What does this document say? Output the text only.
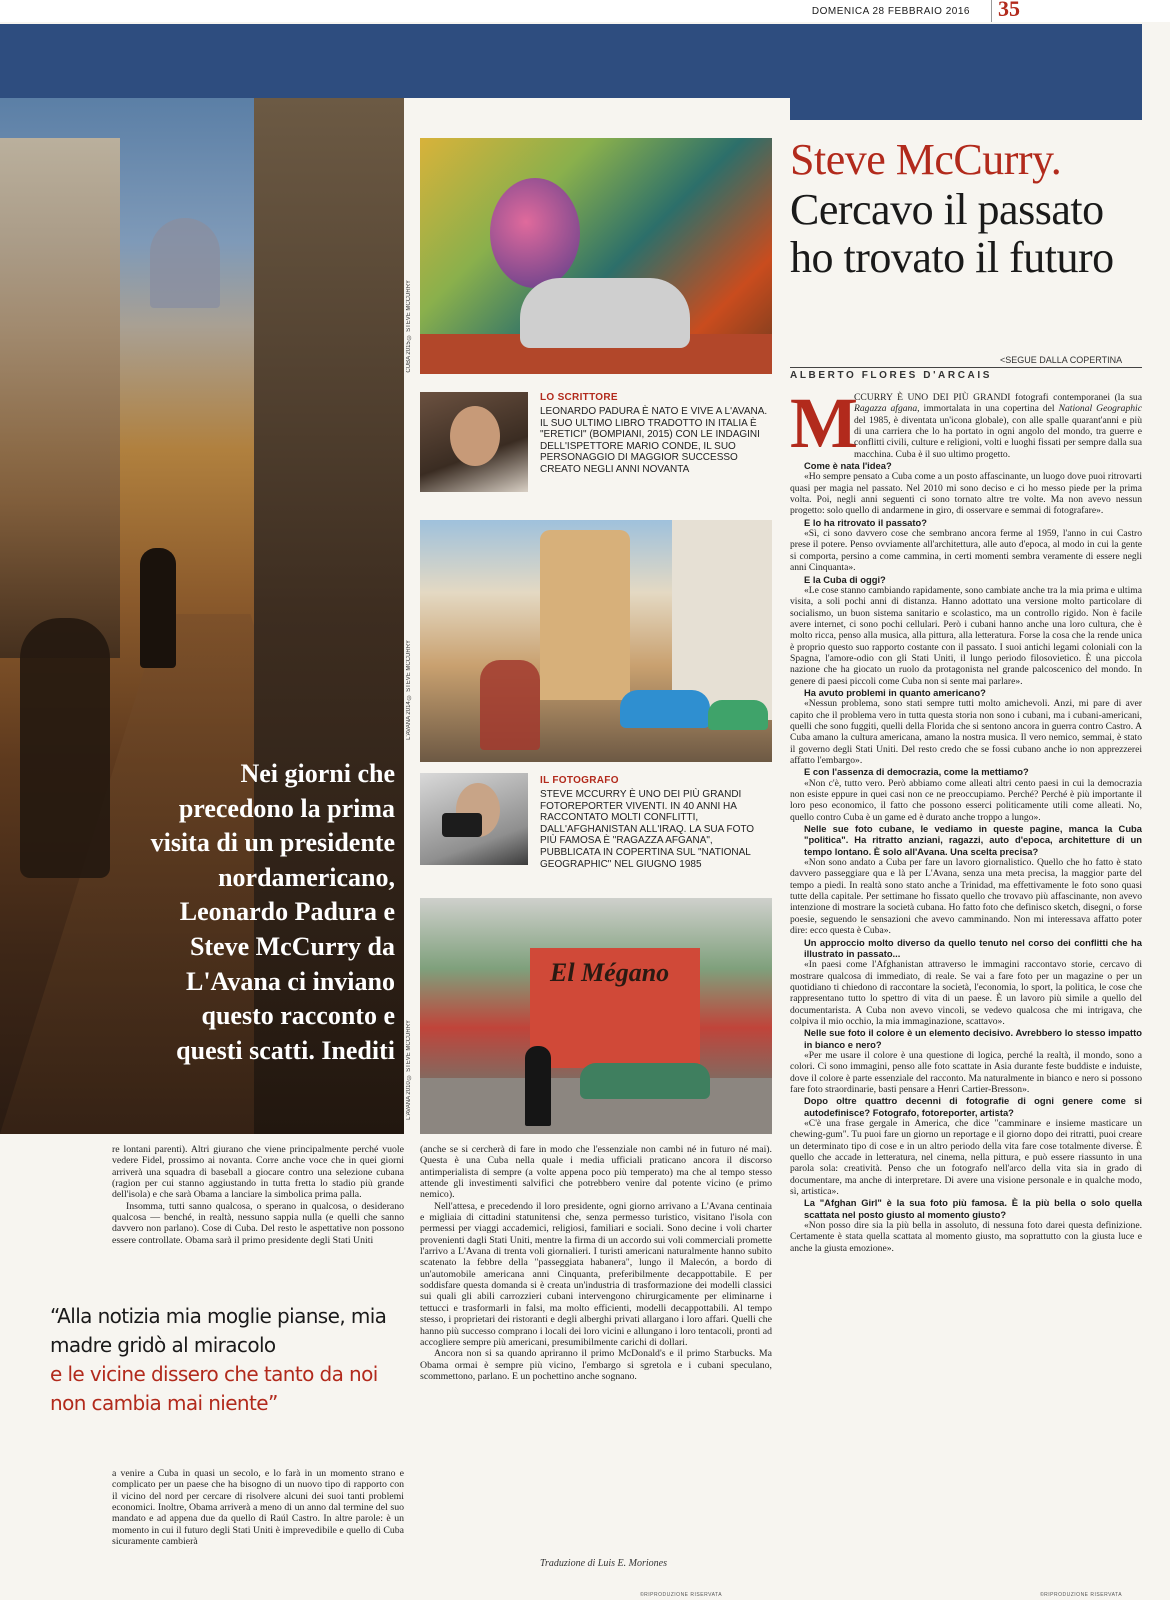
DOMENICA 28 FEBBRAIO 2016	35
Nei giorni che precedono la prima visita di un presidente nordamericano, Leonardo Padura e Steve McCurry da L'Avana ci inviano questo racconto e questi scatti. Inediti
CUBA 2015 © STEVE MCCURRY
LO SCRITTORE
LEONARDO PADURA È NATO E VIVE A L'AVANA. IL SUO ULTIMO LIBRO TRADOTTO IN ITALIA È "ERETICI" (BOMPIANI, 2015) CON LE INDAGINI DELL'ISPETTORE MARIO CONDE, IL SUO PERSONAGGIO DI MAGGIOR SUCCESSO CREATO NEGLI ANNI NOVANTA
L'AVANA 2014 © STEVE MCCURRY
IL FOTOGRAFO
STEVE MCCURRY È UNO DEI PIÙ GRANDI FOTOREPORTER VIVENTI. IN 40 ANNI HA RACCONTATO MOLTI CONFLITTI, DALL'AFGHANISTAN ALL'IRAQ. LA SUA FOTO PIÙ FAMOSA È "RAGAZZA AFGANA", PUBBLICATA IN COPERTINA SUL "NATIONAL GEOGRAPHIC" NEL GIUGNO 1985
El Mégano
L'AVANA 2010 © STEVE MCCURRY
Steve McCurry.
Cercavo il passato
ho trovato il futuro
<SEGUE DALLA COPERTINA
ALBERTO FLORES D'ARCAIS
M

CCURRY È UNO DEI PIÙ GRANDI fotografi contemporanei (la sua Ragazza afgana, immortalata in una copertina del National Geographic del 1985, è diventata un'icona globale), con alle spalle quarant'anni e più di una carriera che lo ha portato in ogni angolo del mondo, tra guerre e conflitti civili, culture e religioni, volti e luoghi fissati per sempre dalla sua macchina. Cuba è il suo ultimo progetto.

Come è nata l'idea?

«Ho sempre pensato a Cuba come a un posto affascinante, un luogo dove puoi ritrovarti quasi per magia nel passato. Nel 2010 mi sono deciso e ci ho messo piede per la prima volta. Poi, negli anni seguenti ci sono tornato altre tre volte. Ma non avevo nessun progetto: solo quello di andarmene in giro, di osservare e semmai di fotografare».

E lo ha ritrovato il passato?

«Sì, ci sono davvero cose che sembrano ancora ferme al 1959, l'anno in cui Castro prese il potere. Penso ovviamente all'architettura, alle auto d'epoca, al modo in cui la gente si comporta, persino a come cammina, in certi momenti sembra veramente di essere negli anni Cinquanta».

E la Cuba di oggi?

«Le cose stanno cambiando rapidamente, sono cambiate anche tra la mia prima e ultima visita, a soli pochi anni di distanza. Hanno adottato una versione molto particolare di socialismo, un buon sistema sanitario e scolastico, ma un controllo rigido. Non è facile avere internet, ci sono pochi cellulari. Però i cubani hanno anche una loro cultura, che è molto ricca, penso alla musica, alla pittura, alla letteratura. Forse la cosa che la rende unica è proprio questo suo rapporto costante con il passato. I suoi antichi legami coloniali con la Spagna, l'amore-odio con gli Stati Uniti, il lungo periodo filosovietico. È una piccola nazione che ha giocato un ruolo da protagonista nel grande palcoscenico del mondo. In genere di paesi piccoli come Cuba non si sente mai parlare».

Ha avuto problemi in quanto americano?

«Nessun problema, sono stati sempre tutti molto amichevoli. Anzi, mi pare di aver capito che il problema vero in tutta questa storia non sono i cubani, ma i cubani-americani, quelli che sono fuggiti, quelli della Florida che si sentono ancora in guerra contro Castro. A Cuba amano la cultura americana, amano la nostra musica. Il vero nemico, semmai, è stato il governo degli Stati Uniti. Del resto credo che se fossi cubano anche io non apprezzerei affatto l'embargo».

E con l'assenza di democrazia, come la mettiamo?

«Non c'è, tutto vero. Però abbiamo come alleati altri cento paesi in cui la democrazia non esiste eppure in quei casi non ce ne preoccupiamo. Perché? Perché è più importante il loro peso economico, il fatto che possono esserci politicamente utili come alleati. No, quello contro Cuba è un game ed è durato anche troppo a lungo».

Nelle sue foto cubane, le vediamo in queste pagine, manca la Cuba "politica". Ha ritratto anziani, ragazzi, auto d'epoca, architetture di un tempo lontano. È solo all'Avana. Una scelta precisa?

«Non sono andato a Cuba per fare un lavoro giornalistico. Quello che ho fatto è stato davvero passeggiare qua e là per L'Avana, senza una meta precisa, la maggior parte del tempo a piedi. In realtà sono stato anche a Trinidad, ma effettivamente le foto sono quasi tutte della capitale. Per settimane ho fissato quello che trovavo più affascinante, non avevo intenzione di mostrare la società cubana. Ho fatto foto che definisco sketch, disegni, o forse poesie, seguendo le sensazioni che avevo camminando. Non mi interessava affatto poter dire: ecco questa è Cuba».

Un approccio molto diverso da quello tenuto nel corso dei conflitti che ha illustrato in passato...

«In paesi come l'Afghanistan attraverso le immagini raccontavo storie, cercavo di mostrare qualcosa di immediato, di reale. Se vai a fare foto per un magazine o per un quotidiano ti chiedono di raccontare la società, l'economia, lo sport, la politica, le cose che rappresentano tutto lo spettro di vita di un paese. È un lavoro più simile a quello del documentarista. A Cuba non avevo vincoli, se vedevo qualcosa che mi intrigava, che colpiva il mio occhio, la mia immaginazione, scattavo».

Nelle sue foto il colore è un elemento decisivo. Avrebbero lo stesso impatto in bianco e nero?

«Per me usare il colore è una questione di logica, perché la realtà, il mondo, sono a colori. Ci sono immagini, penso alle foto scattate in Asia durante feste buddiste e induiste, dove il colore è parte essenziale del racconto. Ma naturalmente in bianco e nero si possono fare foto straordinarie, basti pensare a Henri Cartier-Bresson».

Dopo oltre quattro decenni di fotografie di ogni genere come si autodefinisce? Fotografo, fotoreporter, artista?

«C'è una frase gergale in America, che dice "camminare e insieme masticare un chewing-gum". Tu puoi fare un giorno un reportage e il giorno dopo dei ritratti, puoi creare un determinato tipo di cose e in un altro periodo della vita fare cose totalmente diverse. È quello che accade in letteratura, nel cinema, nella pittura, e può essere riassunto in una parola sola: creatività. Penso che un fotografo nell'arco della vita sia in grado di documentare, ma anche di interpretare. Di avere una visione personale e in qualche modo, sì, artistica».

La "Afghan Girl" è la sua foto più famosa. È la più bella o solo quella scattata nel posto giusto al momento giusto?

«Non posso dire sia la più bella in assoluto, di nessuna foto darei questa definizione. Certamente è stata quella scattata al momento giusto, ma soprattutto con la giusta luce e anche la giusta emozione».

©RIPRODUZIONE RISERVATA

re lontani parenti). Altri giurano che viene principalmente perché vuole vedere Fidel, prossimo ai novanta. Corre anche voce che in quei giorni arriverà una squadra di baseball a giocare contro una selezione cubana (ragion per cui stanno aggiustando in tutta fretta lo stadio più grande dell'isola) e che sarà Obama a lanciare la simbolica prima palla.

Insomma, tutti sanno qualcosa, o sperano in qualcosa, o desiderano qualcosa — benché, in realtà, nessuno sappia nulla (e quelli che sanno davvero non parlano). Cose di Cuba. Del resto le aspettative non possono essere controllate. Obama sarà il primo presidente degli Stati Uniti

“Alla notizia mia moglie pianse, mia madre gridò al miracolo
e le vicine dissero che tanto da noi non cambia mai niente”

a venire a Cuba in quasi un secolo, e lo farà in un momento strano e complicato per un paese che ha bisogno di un nuovo tipo di rapporto con il vicino del nord per cercare di risolvere alcuni dei suoi tanti problemi economici. Inoltre, Obama arriverà a meno di un anno dal termine del suo mandato e ad appena due da quello di Raúl Castro. In altre parole: è un momento in cui il futuro degli Stati Uniti è imprevedibile e quello di Cuba sicuramente cambierà

(anche se si cercherà di fare in modo che l'essenziale non cambi né in futuro né mai). Questa è una Cuba nella quale i media ufficiali praticano ancora il discorso antimperialista di sempre (a volte appena poco più temperato) ma che al tempo stesso attende gli investimenti salvifici che potrebbero venire dal potente vicino (e primo nemico).

Nell'attesa, e precedendo il loro presidente, ogni giorno arrivano a L'Avana centinaia e migliaia di cittadini statunitensi che, senza permesso turistico, visitano l'isola con permessi per viaggi accademici, religiosi, familiari e sociali. Sono decine i voli charter provenienti dagli Stati Uniti, mentre la firma di un accordo sui voli commerciali promette l'arrivo a L'Avana di trenta voli giornalieri. I turisti americani naturalmente hanno subito scatenato la febbre della "passeggiata habanera", lungo il Malecón, a bordo di un'automobile americana anni Cinquanta, preferibilmente decappottabile. E per soddisfare questa domanda si è creata un'industria di trasformazione dei modelli classici sui quali gli abili carrozzieri cubani intervengono chirurgicamente per eliminarne i tettucci e trasformarli in falsi, ma molto efficienti, modelli decappottabili. Al tempo stesso, i proprietari dei ristoranti e degli alberghi privati allargano i loro affari. Quelli che hanno più successo comprano i locali dei loro vicini e allungano i loro tentacoli, pronti ad accogliere sempre più americani, presumibilmente carichi di dollari.

Ancora non si sa quando apriranno il primo McDonald's e il primo Starbucks. Ma Obama ormai è sempre più vicino, l'embargo si sgretola e i cubani speculano, scommettono, parlano. E un pochettino anche sognano.

Traduzione di Luis E. Moriones
©RIPRODUZIONE RISERVATA
